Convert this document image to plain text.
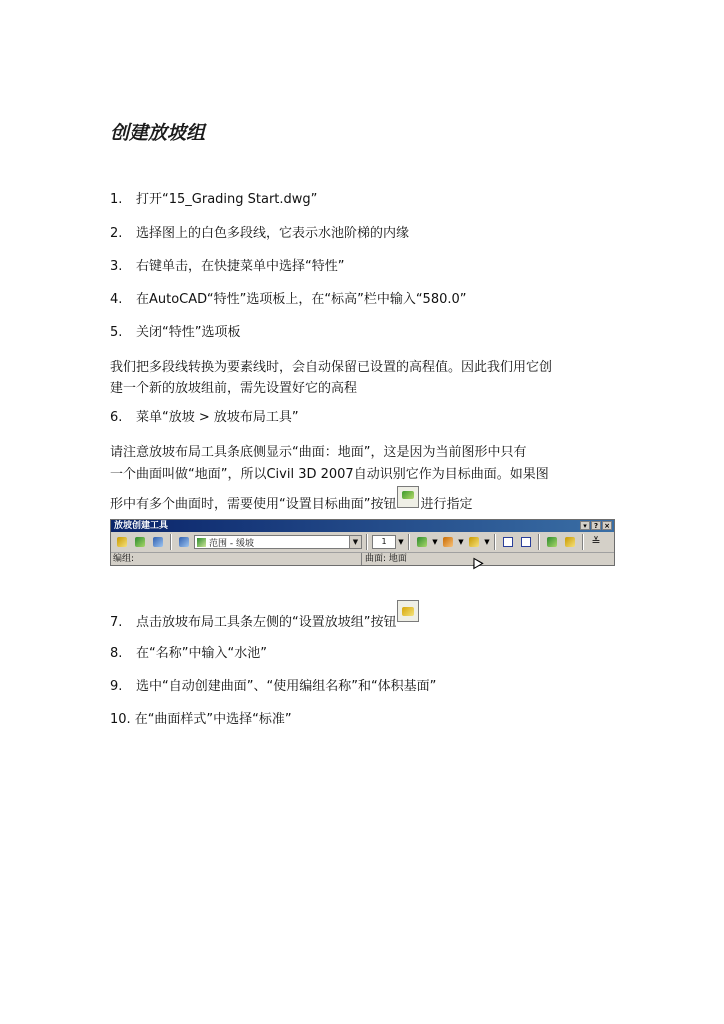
创建放坡组
1. 打开“15_Grading Start.dwg”
2. 选择图上的白色多段线，它表示水池阶梯的内缘
3. 右键单击，在快捷菜单中选择“特性”
4. 在AutoCAD“特性”选项板上，在“标高”栏中输入“580.0”
5. 关闭“特性”选项板
我们把多段线转换为要素线时，会自动保留已设置的高程值。因此我们用它创
建一个新的放坡组前，需先设置好它的高程
6. 菜单“放坡 > 放坡布局工具”
请注意放坡布局工具条底侧显示“曲面：地面”，这是因为当前图形中只有
一个曲面叫做“地面”，所以Civil 3D 2007自动识别它作为目标曲面。如果图
形中有多个曲面时，需要使用“设置目标曲面”按钮 进行指定
放坡创建工具	▾	? ×
范围 - 缓坡	▼	1	▼	▼	▼	▼	≚
编组:	曲面: 地面
7. 点击放坡布局工具条左侧的“设置放坡组”按钮
8. 在“名称”中输入“水池”
9. 选中“自动创建曲面”、“使用编组名称”和“体积基面”
10. 在“曲面样式”中选择“标准”
